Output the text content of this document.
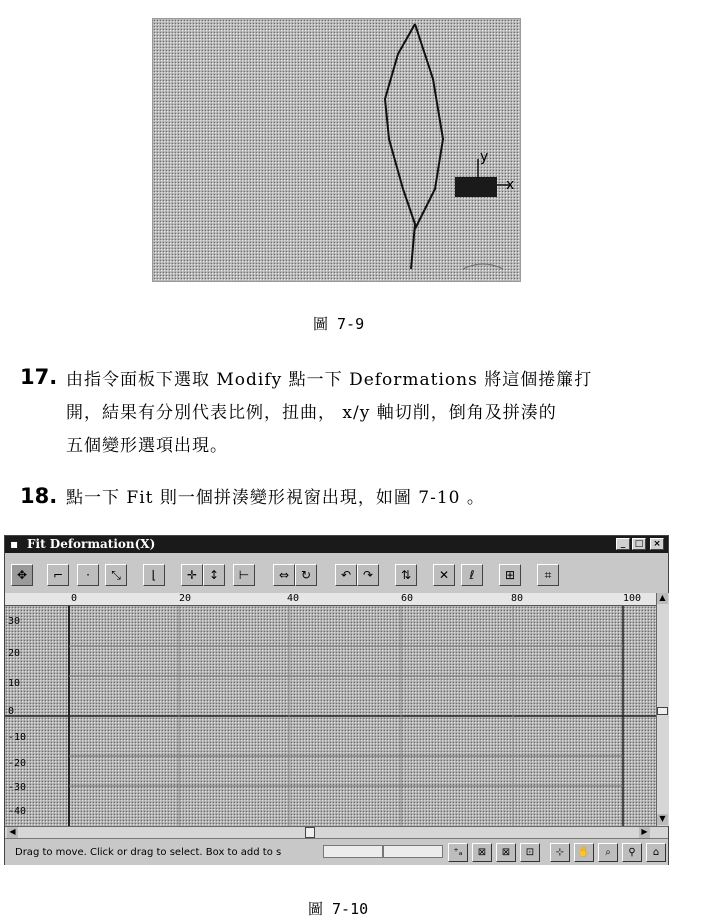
y
x
圖 7-9
17. 由指令面板下選取 Modify 點一下 Deformations 將這個捲簾打
開，結果有分別代表比例，扭曲， x/y 軸切削，倒角及拼湊的
五個變形選項出現。
18. 點一下 Fit 則一個拼湊變形視窗出現，如圖 7-10 。
▪ Fit Deformation(X)	_	□	×
✥	⌐	·	⤡	⌊	✛ ↕	⊢	⇔ ↻	↶ ↷	⇅	✕	ℓ	⊞	⌗
0	20	40	60	80	100
30
20
10
0
-10
-20
-30
-40
▲
▼
◀	▶
Drag to move. Click or drag to select. Box to add to s	⁺ₐ	⊠	⊠	⊡	⊹	✋	⌕	⚲	⌂
圖 7-10
